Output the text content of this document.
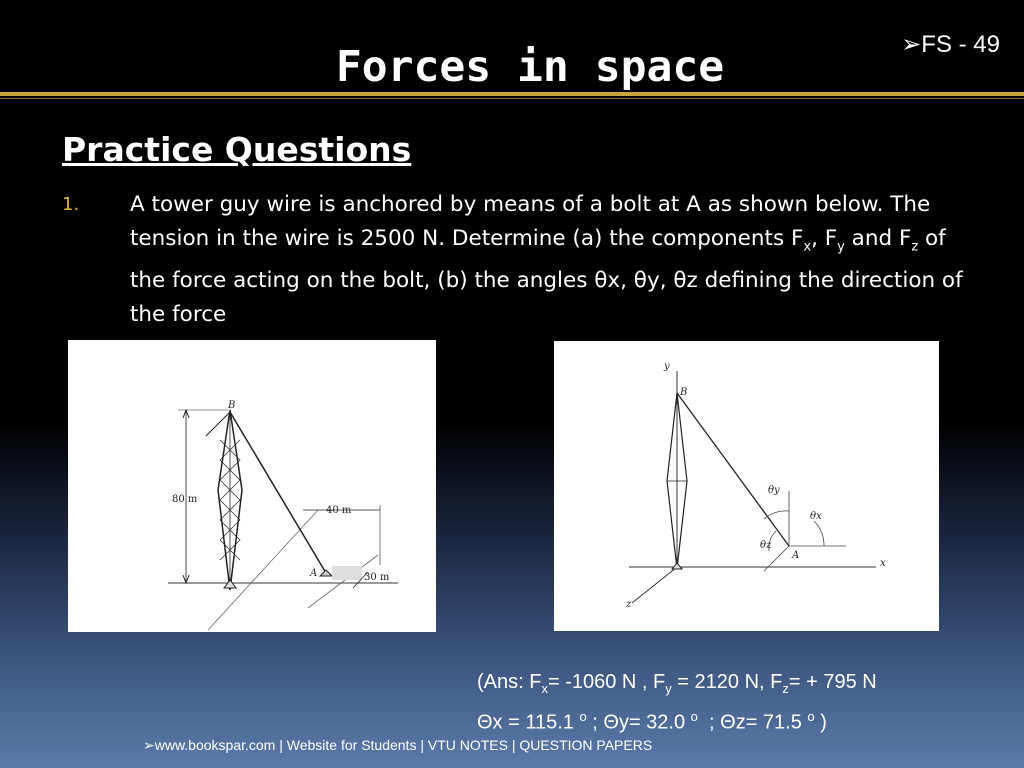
➢FS - 49
Forces in space
Practice Questions
1. A tower guy wire is anchored by means of a bolt at A as shown below. The tension in the wire is 2500 N. Determine (a) the components $F_x$, $F_y$ and $F_z$ of the force acting on the bolt, (b) the angles θx, θy, θz defining the direction of the force
B
A
80 m
40 m
30 m
y
x
z
B
A
θy
θx
θz
(Ans: $F_x= -1060$ N , $F_y = 2120$ N, $F_z= + 795$ N
Θx = 115.1 $^o$ ; Θy= 32.0 $^o$  ; Θz= 71.5 $^o$ )
➢www.bookspar.com | Website for Students | VTU NOTES | QUESTION PAPERS
